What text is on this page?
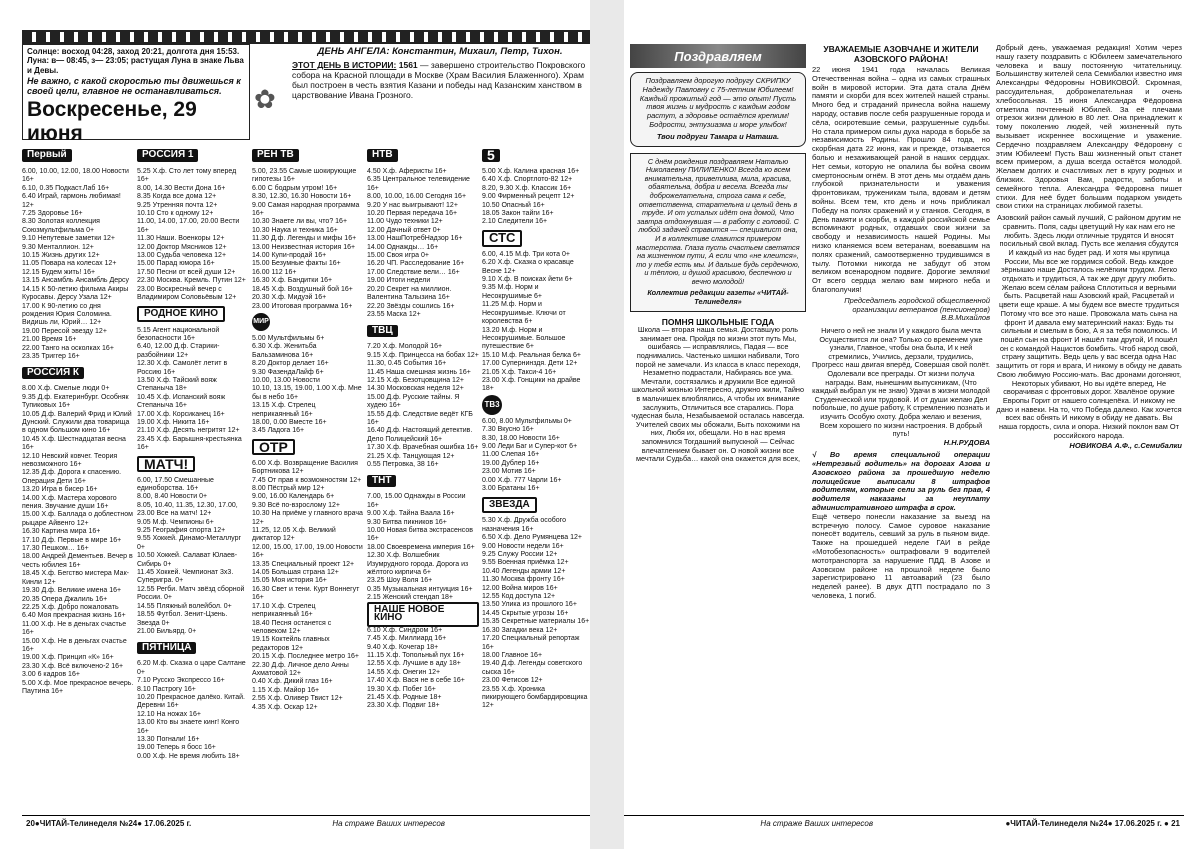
Солнце: восход 04:28, заход 20:21, долгота дня 15:53.
Луна: в— 08:45, з— 23:05; растущая Луна в знаке Льва и Девы.
Не важно, с какой скоростью ты движешься к своей цели, главное не останавливаться.
Воскресенье, 29 июня
✿
ДЕНЬ АНГЕЛА: Константин, Михаил, Петр, Тихон.
ЭТОТ ДЕНЬ В ИСТОРИИ: 1561 — завершено строительство Покровского собора на Красной площади в Москве (Храм Василия Блаженного). Храм был построен в честь взятия Казани и победы над Казанским ханством в царствование Ивана Грозного.
Первый
6.00, 10.00, 12.00, 18.00 Новости 16+
6.10, 0.35 Подкаст.Лаб 16+
6.40 Играй, гармонь любимая! 12+
7.25 Здоровье 16+
8.30 Золотая коллекция Союзмультфильма 0+
9.10 Непутевые заметки 12+
9.30 Менталлион. 12+
10.15 Жизнь других 12+
11.05 Повара на колесах 12+
12.15 Будем жить! 16+
13.15 Ансамбль Ансамбль Дерсу
14.15 К 50-летию фильма Акиры Куросавы. Дерсу Узала 12+
17.00 К 90-летию со дня рождения Юрия Соломина. Видишь ли, Юрий… 12+
19.00 Пересой эвезду 12+
21.00 Время 16+
22.00 Танго на осколках 16+
23.35 Триггер 16+
РОССИЯ К
8.00 Х.ф. Смелые люди 0+
9.35 Д.ф. Екатеринбург. Особняк Тупиковых 16+
10.05 Д.ф. Валерий Фрид и Юлий Дунский. Служили два товарища в одном большом кино 16+
10.45 Х.ф. Шестнадцатая весна 16+
12.10 Невский ковчег. Теория невозможного 16+
12.35 Д.ф. Дорога к спасению. Операция Дети 16+
13.20 Игра в бисер 16+
14.00 Х.ф. Мастера хорового пения. Звучание души 16+
15.00 Х.ф. Баллада о доблестном рыцаре Айвенго 12+
16.30 Картина мира 16+
17.10 Д.ф. Первые в мире 16+
17.30 Пешком… 16+
18.00 Андрей Дементьев. Вечер в честь юбилея 16+
18.45 Х.ф. Бегство мистера Мак-Кинли 12+
19.30 Д.ф. Великие имена 16+
20.35 Опера Джалиль 16+
22.25 Х.ф. Добро пожаловать
6.40 Моя прекрасная жизнь 16+
11.00 Х.ф. Не в деньгах счастье 16+
15.00 Х.ф. Не в деньгах счастье 16+
19.00 Х.ф. Принцип «К» 16+
23.30 Х.ф. Вcё включено-2 16+
3.00 6 кадров 16+
5.00 Х.ф. Мое прекрасное вечерь. Паутина 16+
РОССИЯ 1
5.25 Х.ф. Сто лет тому вперед 16+
8.00, 14.30 Вести Дона 16+
8.35 Когда все дома 12+
9.25 Утренняя почта 12+
10.10 Сто к одному 12+
11.00, 14.00, 17.00, 20.00 Вести 16+
11.30 Наши. Военкоры 12+
12.00 Доктор Мясников 12+
13.00 Судьба человека 12+
15.00 Парад юмора 16+
17.50 Песни от всей души 12+
22.30 Москва. Кремль. Путин 12+
23.00 Воскресный вечер с Владимиром Соловьёвым 12+
РОДНОЕ КИНО
5.15 Агент национальной безопасности 16+
6.40, 12.00 Д.ф. Старики-разбойники 12+
12.30 Х.ф. Самолёт летит в Россию 16+
13.50 Х.ф. Тайский вояж Степаныча 18+
10.45 Х.ф. Испанский вояж Степаныча 16+
17.00 Х.ф. Корсиканец 16+
19.00 Х.ф. Никита 16+
21.10 Х.ф. Десять негритят 12+
23.45 Х.ф. Барышня-крестьянка 16+
МАТЧ!
6.00, 17.50 Смешанные единоборства. 16+
8.00, 8.40 Новости 0+
8.05, 10.40, 11.35, 12.30, 17.00, 23.00 Все на матч! 12+
9.05 М.ф. Чемпионы 6+
9.25 География спорта 12+
9.55 Хоккей. Динамо-Металлург 0+
10.50 Хоккей. Салават Юлаев-Сибирь 0+
11.45 Хоккей. Чемпионат 3х3. Суперигра. 0+
12.55 Регби. Матч звёзд сборной России. 0+
14.55 Пляжный волейбол. 0+
18.55 Футбол. Зенит-Цзень. Звезда 0+
21.00 Бильярд. 0+
ПЯТНИЦА
6.20 М.ф. Сказка о царе Салтане 0+
7.10 Русско Экспрессо 16+
8.10 Пастрогу 16+
10.20 Прекрасное далёко. Китай. Деревни 16+
12.10 На ножах 16+
13.00 Кто вы знаете кинг! Конго 16+
13.30 Погнали! 16+
19.00 Теперь я босс 16+
0.00 Х.ф. Не время любить 18+
РЕН ТВ
5.00, 23.55 Самые шокирующие гипотезы 16+
6.00 С бодрым утром! 16+
8.30, 12.30, 16.30 Новости 16+
9.00 Самая народная программа 16+
10.30 Знаете ли вы, что? 16+
10.30 Наука и техника 16+
11.30 Д.ф. Легенды и мифы 16+
13.00 Неизвестная история 16+
14.00 Купи-продай 16+
15.00 Безумные факты 16+
16.00 112 16+
16.30 Х.ф. Бандитки 16+
18.45 Х.ф. Воздушный бой 16+
20.30 Х.ф. Мидуэй 16+
23.00 Итоговая программа 16+
МИР
5.00 Мультфильмы 6+
6.30 Х.ф. Женитьба Бальзаминова 16+
8.20 Доктор делает 16+
9.30 ФазендаЛайф 6+
10.00, 13.00 Новости
10.10, 13.15, 19.00, 1.00 Х.ф. Мне бы в небо 16+
13.15 Х.ф. Стрелец неприкаянный 16+
18.00, 0.00 Вместе 16+
3.45 Ладога 16+
ОТР
6.00 Х.ф. Возвращение Василия Бортникова 12+
7.45 От прав к возможностям 12+
8.00 Пёстрый мир 12+
9.00, 16.00 Календарь 6+
9.30 Всё по-взрослому 12+
10.30 На приёме у главного врача 12+
11.25, 12.05 Х.ф. Великий диктатор 12+
12.00, 15.00, 17.00, 19.00 Новости 16+
13.35 Специальный проект 12+
14.05 Большая страна 12+
15.05 Моя история 16+
16.30 Свет и тени. Курт Воннегут 16+
17.10 Х.ф. Стрелец неприкаянный 16+
18.40 Песня останется с человеком 12+
19.15 Коктейль главных редакторов 12+
20.15 Х.ф. Последнее метро 16+
22.30 Д.ф. Личное дело Анны Ахматовой 12+
0.40 Х.ф. Дикий глаз 16+
1.15 Х.ф. Майор 16+
2.55 Х.ф. Оливер Твист 12+
4.35 Х.ф. Оскар 12+
НТВ
4.50 Х.ф. Аферисты 16+
6.35 Центральное телевидение 16+
8.00, 10.00, 16.00 Сегодня 16+
9.20 У нас выигрывают! 12+
10.20 Первая передача 16+
11.00 Чудо техники 12+
12.00 Дачный ответ 0+
13.00 НашПотребНадзор 16+
14.00 Однажды… 16+
15.00 Своя игра 0+
16.20 ЧП. Расследование 16+
17.00 Следствие вели… 16+
19.00 Итоги недели
20.20 Секрет на миллион. Валентина Талызина 16+
22.20 Звёзды сошлись 16+
23.55 Маска 12+
ТВЦ
7.20 Х.ф. Молодой 16+
9.15 Х.ф. Принцесса на бобах 12+
11.30, 0.45 События 16+
11.45 Наша смешная жизнь 16+
12.15 Х.ф. Безотцовщина 12+
14.30 Московская неделя 12+
15.00 Д.ф. Русские тайны. Я худею 16+
15.55 Д.ф. Следствие ведёт КГБ 16+
16.40 Д.ф. Настоящий детектив. Дело Полицейский 16+
17.30 Х.ф. Врачебная ошибка 16+
21.25 Х.ф. Танцующая 12+
0.55 Петровка, 38 16+
ТНТ
7.00, 15.00 Однажды в России 16+
9.00 Х.ф. Тайна Ваала 16+
9.30 Битва пикников 16+
10.00 Новая битва экстрасенсов 16+
18.00 Своевремена империя 16+
12.30 Х.ф. Волшебник Изумрудного города. Дорога из жёлтого кирпича 6+
23.25 Шоу Воля 16+
0.35 Музыкальная интуиция 16+
2.15 Женский стендап 18+
НАШЕ НОВОЕ КИНО
6.10 Х.ф. Синдром 16+
7.45 Х.ф. Миллиард 16+
9.40 Х.ф. Кочегар 18+
11.15 Х.ф. Топольный пух 16+
12.55 Х.ф. Лучшие в аду 18+
14.55 Х.ф. Онегин 12+
17.40 Х.ф. Вася не в себе 16+
19.30 Х.ф. Побег 16+
21.45 Х.ф. Родные 18+
23.30 Х.ф. Подвиг 18+
5
5.00 Х.ф. Калина красная 16+
6.40 Х.ф. Спортлото-82 12+
8.20, 9.30 Х.ф. Классик 16+
9.00 Фирменный рецепт 12+
10.50 Опасный 16+
18.05 Закон тайги 16+
2.10 Следители 16+
СТС
6.00, 4.15 М.ф. Три кота 0+
6.20 Х.ф. Сказка о красавце Весне 12+
9.10 Х.ф. В поисках йети 6+
9.35 М.ф. Норм и Несокрушимые 6+
11.25 М.ф. Норм и Несокрушимые. Ключи от королевства 6+
13.20 М.ф. Норм и Несокрушимые. Большое путешествие 6+
15.10 М.ф. Реальная белка 6+
17.00 Супернинздя. Дети 12+
21.05 Х.ф. Такси-4 16+
23.00 Х.ф. Гонщики на драйве 18+
ТВ3
6.00, 8.00 Мультфильмы 0+
7.30 Вкусно 16+
8.30, 18.00 Новости 16+
9.00 Леди Баг и Супер-кот 6+
11.00 Слепая 16+
19.00 Дублер 16+
23.00 Мотив 16+
0.00 Х.ф. 777 Чарли 16+
3.00 Братаны 16+
ЗВЕЗДА
5.30 Х.ф. Дружба особого назначения 16+
6.50 Х.ф. Дело Румянцева 12+
9.00 Новости недели 16+
9.25 Служу России 12+
9.55 Военная приёмка 12+
10.40 Легенды армии 12+
11.30 Москва фронту 16+
12.00 Война миров 16+
12.55 Код доступа 12+
13.50 Улика из прошлого 16+
14.45 Скрытые угрозы 16+
15.35 Секретные материалы 16+
16.30 Загадки века 12+
17.20 Специальный репортаж 16+
18.00 Главное 16+
19.40 Д.ф. Легенды советского сыска 16+
23.00 Фетисов 12+
23.55 Х.ф. Хроника пикирующего бомбардировщика 12+
20●ЧИТАЙ-Телинеделя №24● 17.06.2025 г.	На страже Ваших интересов
Поздравляем
Поздравляем дорогую подругу СКРИПКУ Надежду Павловну с 75-летним Юбилеем! Каждый прожитый год — это опыт! Пусть твоя жизнь и мудрость с каждым годом растут, а здоровье остаётся крепким! Бодрости, энтузиазма и море улыбок!
Твои подруги Тамара и Наташа.
С днём рождения поздравляем Наталью Николаевну ПИЛИПЕНКО! Всегда ко всем внимательна, приветлива, мила, красива, обаятельна, добра и весела. Всегда ты доброжелательна, строга сама к себе, ответственна, старательна и целый день в труде. И от усталых идёт она домой, Что завтра отдохнувшая — в работу с головой. С любой задачей справится — специалист она, И в коллективе славится примером мастерства. Глаза пусть счастьем светятся на жизненном пути, А если что «не клеится», то у тебя есть мы. И дальше будь сердечною, и тёплою, и душой красивою, беспечною и вечно молодой!
Коллектив редакции газеты «ЧИТАЙ-Телинеделя»
ПОМНЯ ШКОЛЬНЫЕ ГОДА
Школа — вторая наша семья. Доставшую роль занимает она. Пройдя по жизни этот путь Мы, ошибаясь — исправлялись, Падая — все поднимались. Частенько шишки набивали, Того порой не замечали. Из класса в класс переходя, Незаметно подрастали, Набираясь все ума. Мечтали, состязались и дружили Все единой школьной жизнью Интересно, дружно жили, Тайно в мальчишек влюблялись, А чтобы их внимание заслужить, Отличиться все старались. Пора чудесная была, Незабываемой осталась навсегда. Учителей своих мы обожали, Быть похожими на них, Любя их, обещали. Но в нас время запомнился Тогдашний выпускной — Сейчас влечатлением бывает он. О новой жизни все мечтали Судьба… какой она окажется для всех,
УВАЖАЕМЫЕ АЗОВЧАНЕ И ЖИТЕЛИ АЗОВСКОГО РАЙОНА!
22 июня 1941 года началась Великая Отечественная война – одна из самых страшных войн в мировой истории. Эта дата стала Днём памяти и скорби для всех жителей нашей страны. Много бед и страданий принесла война нашему народу, оставив после себя разрушенные города и сёла, осиротевшие семьи, разрушенные судьбы. Но стала примером силы духа народа в борьбе за независимость Родины. Прошло 84 года, но скорбная дата 22 июня, как и прежде, отзывается болью и незаживающей раной в наших сердцах. Нет семьи, которую не опалила бы война своим смертоносным огнём. В этот день мы отдаём дань глубокой признательности и уважения фронтовикам, труженикам тыла, вдовам и детям войны. Всем тем, кто день и ночь приближал Победу на полях сражений и у станков. Сегодня, в День памяти и скорби, в каждой российской семье вспоминают родных, отдавших свои жизни за свободу и независимость нашей Родины. Мы низко кланяемся всем ветеранам, воевавшим на полях сражений, самоотверженно трудившимся в тылу. Потомки никогда не забудут об этом великом всенародном подвиге. Дорогие земляки! От всего сердца желаю вам мирного неба и благополучия!
Председатель городской общественной организации ветеранов (пенсионеров) В.В.Михайлов
Ничего о ней не знали И у каждого была мечта Осуществится ли она? Только со временем уже узнали, Главное, чтобы она была, И к ней стремились, Учились, дерзали, трудились, Прогресс наш двигая вперёд, Совершая свой полёт. Одолевали все преграды. От жизни получа награды. Вам, нынешним выпускникам, (Что каждый выбрал уж не знаю) Удачи в жизни молодой Студенческой или трудовой. И от души желаю Дел побольше, по душе работу, К стремлению познать и изучить Особую охоту. Добра желаю и везения, Всем хорошего по жизни настроения. В добрый путь!
Н.Н.РУДОВА
√ Во время специальной операции «Нетрезвый водитель» на дорогах Азова и Азовского района за прошедшую неделю полицейские выписали 8 штрафов водителям, которые сели за руль без прав, 4 водителя наказаны за неуплату административного штрафа в срок.
Ещё четверо понесли наказание за выезд на встречную полосу. Самое суровое наказание понесёт водитель, севший за руль в пьяном виде. Также на прошедшей неделе ГАИ в рейде «Мотобезопасность» оштрафовали 9 водителей мототранспорта за нарушение ПДД. В Азове и Азовском районе на прошлой неделе было зарегистрировано 11 автоаварий (23 было неделей ранее). В двух ДТП пострадало по 3 человека, 1 погиб.
Добрый день, уважаемая редакция! Хотим через нашу газету поздравить с Юбилеем замечательного человека и вашу постоянную читательницу. Большинству жителей села Семибалки известно имя Александры Фёдоровны НОВИКОВОЙ. Скромная, рассудительная, доброжелательная и очень хлебосольная. 15 июня Александра Фёдоровна отметила почтенный Юбилей. За её плечами отрезок жизни длиною в 80 лет. Она принадлежит к тому поколению людей, чей жизненный путь вызывает искреннее восхищение и уважение. Сердечно поздравляем Александру Фёдоровну с этим Юбилеем! Пусть Ваш жизненный опыт станет всем примером, а душа всегда остаётся молодой. Желаем долгих и счастливых лет в кругу родных и близких. Здоровья Вам, радости, заботы и семейного тепла. Александра Фёдоровна пишет стихи. Для неё будет большим подарком увидеть свои стихи на страницах любимой газеты.
Азовский район самый лучший, С районом другим не сравнить. Поля, сады цветущий Ну как нам его не любить. Здесь люди отличные трудятся И вносят посильный свой вклад. Пусть все желания сбудутся И каждый из нас будет рад. И хотя мы крупица России, Мы все же гордимся собой. Ведь каждое зёрнышко наше Досталось нелёгким трудом. Легко отдыхать и трудиться, А так же друг другу любить. Желаю всем сёлам района Сплотиться и верными быть. Расцветай наш Азовский край, Расцветай и цвети еще краше. А мы будем все вместе трудиться Потому что все это наше. Провожала мать сына на фронт И давала ему материнский наказ: Будь ты сильным и смелым в бою, А я за тебя помолюсь. И пошёл сын на фронт И нашёл там другой, И пошёл он с командой Нацистов бомбить. Чтоб народ свой, страну защитить. Ведь цель у вас всегда одна Нас защитить от горя и врага, И никому в обиду не давать Свою любимую Россию-мать. Вас дронами догоняют, Некоторых убивают, Но вы идёте вперед, Не сворачивая с фронтовых дорог. Хвалёное оружие Европы Горит от нашего солнцепёка. И никому не дано и навеки. На то, что Победа далеко. Как хочется всех вас обнять И никому в обиду не давать. Вы наша гордость, сила и опора. Низкий поклон вам От российского народа.
НОВИКОВА А.Ф., с.Семибалки
На страже Ваших интересов	●ЧИТАЙ-Телинеделя №24● 17.06.2025 г. ● 21
